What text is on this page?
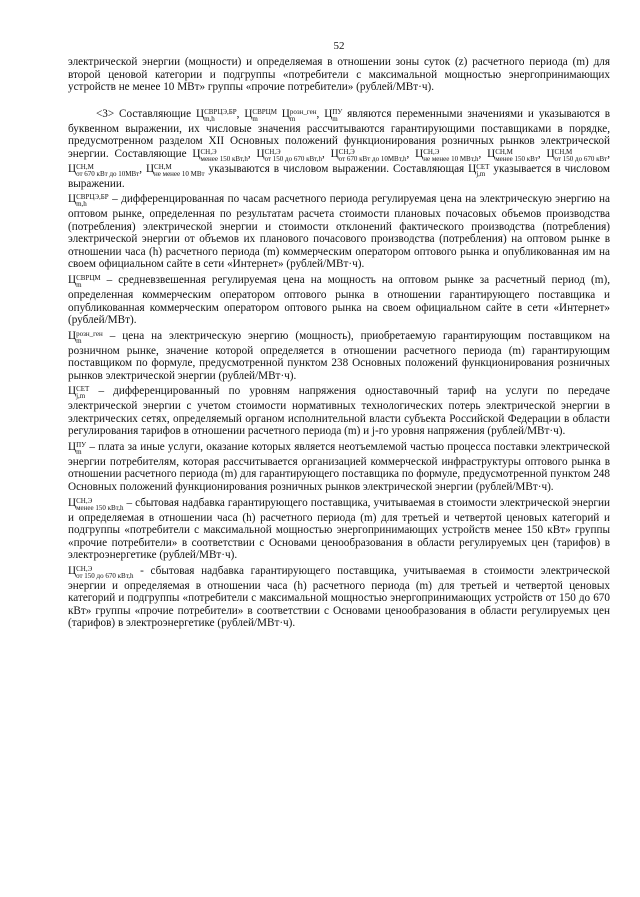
52

электрической энергии (мощности) и определяемая в отношении зоны суток (z) расчетного периода (m) для второй ценовой категории и подгруппы «потребители с максимальной мощностью энергопринимающих устройств не менее 10 МВт» группы «прочие потребители» (рублей/МВт·ч).

<3> Составляющие Ц СВРЦЭ,БР
m,h	, Ц СВРЦМ
m	Ц розн_ген
m	, Ц ПУ
m являются переменными значениями и указываются в буквенном выражении, их числовые значения рассчитываются гарантирующими поставщиками в порядке, предусмотренном разделом XII Основных положений функционирования розничных рынков электрической энергии. Составляющие Ц СН,Э
менее 150 кВт,h , Ц СН,Э
от 150 до 670 кВт,h , Ц СН,Э
от 670 кВт до 10МВт,h , Ц СН,Э
не менее 10 МВт,h , Ц СН,М
менее 150 кВт , Ц СН,М
от 150 до 670 кВт , Ц СН,М
от 670 кВт до 10МВт , Ц СН,М
не менее 10 МВт указываются в числовом выражении. Составляющая Ц СЕТ
j,m указывается в числовом выражении.

Ц СВРЦЭ,БР
m,h	– дифференцированная по часам расчетного периода регулируемая цена на электрическую энергию на оптовом рынке, определенная по результатам расчета стоимости плановых почасовых объемов производства (потребления) электрической энергии и стоимости отклонений фактического производства (потребления) электрической энергии от объемов их планового почасового производства (потребления) на оптовом рынке в отношении часа (h) расчетного периода (m) коммерческим оператором оптового рынка и опубликованная им на своем официальном сайте в сети «Интернет» (рублей/МВт·ч).

Ц СВРЦМ
m	– средневзвешенная регулируемая цена на мощность на оптовом рынке за расчетный период (m), определенная коммерческим оператором оптового рынка в отношении гарантирующего поставщика и опубликованная коммерческим оператором оптового рынка на своем официальном сайте в сети «Интернет» (рублей/МВт).

Ц розн_ген
m	– цена на электрическую энергию (мощность), приобретаемую гарантирующим поставщиком на розничном рынке, значение которой определяется в отношении расчетного периода (m) гарантирующим поставщиком по формуле, предусмотренной пунктом 238 Основных положений функционирования розничных рынков электрической энергии (рублей/МВт·ч).

Ц СЕТ
j,m – дифференцированный по уровням напряжения одноставочный тариф на услуги по передаче электрической энергии с учетом стоимости нормативных технологических потерь электрической энергии в электрических сетях, определяемый органом исполнительной власти субъекта Российской Федерации в области регулирования тарифов в отношении расчетного периода (m) и j-го уровня напряжения (рублей/МВт·ч).

Ц ПУ
m – плата за иные услуги, оказание которых является неотъемлемой частью процесса поставки электрической энергии потребителям, которая рассчитывается организацией коммерческой инфраструктуры оптового рынка в отношении расчетного периода (m) для гарантирующего поставщика по формуле, предусмотренной пунктом 248 Основных положений функционирования розничных рынков электрической энергии (рублей/МВт·ч).

Ц СН,Э
менее 150 кВт,h – сбытовая надбавка гарантирующего поставщика, учитываемая в стоимости электрической энергии и определяемая в отношении часа (h) расчетного периода (m) для третьей и четвертой ценовых категорий и подгруппы «потребители с максимальной мощностью энергопринимающих устройств менее 150 кВт» группы «прочие потребители» в соответствии с Основами ценообразования в области регулируемых цен (тарифов) в электроэнергетике (рублей/МВт·ч).

Ц СН,Э
от 150 до 670 кВт,h - сбытовая надбавка гарантирующего поставщика, учитываемая в стоимости электрической энергии и определяемая в отношении часа (h) расчетного периода (m) для третьей и четвертой ценовых категорий и подгруппы «потребители с максимальной мощностью энергопринимающих устройств от 150 до 670 кВт» группы «прочие потребители» в соответствии с Основами ценообразования в области регулируемых цен (тарифов) в электроэнергетике (рублей/МВт·ч).
